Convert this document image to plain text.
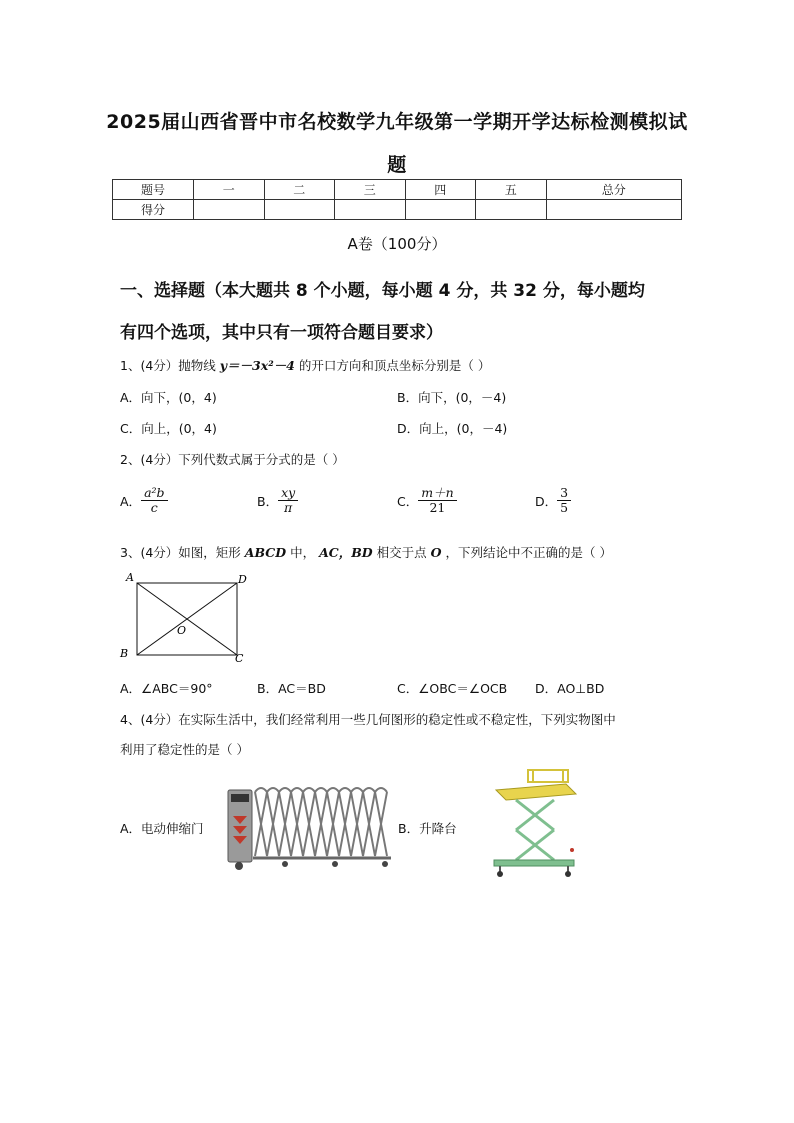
2025届山西省晋中市名校数学九年级第一学期开学达标检测模拟试
题
题号	一	二	三	四	五	总分
得分						
A卷（100分）
一、选择题（本大题共 8 个小题，每小题 4 分，共 32 分，每小题均
有四个选项，其中只有一项符合题目要求）
1、(4分）抛物线 y＝－3x²－4 的开口方向和顶点坐标分别是（ ）
A．向下，(0，4)	B．向下，(0，－4)
C．向上，(0，4)	D．向上，(0，－4)
2、(4分）下列代数式属于分式的是（ ）
A． $\frac{\text{a²b}}{c}$	B． $\frac{xy}{\pi}$	C． $\frac{m+n}{21}$	D． $\frac{3}{5}$
3、(4分）如图，矩形 ABCD 中， AC，BD 相交于点 O ，下列结论中不正确的是（ ）
A	D
B	C
O
A．∠ABC＝90°	B．AC＝BD	C．∠OBC＝∠OCB D．AO⊥BD
4、(4分）在实际生活中，我们经常利用一些几何图形的稳定性或不稳定性，下列实物图中
利用了稳定性的是（ ）
A．电动伸缩门	B．升降台
